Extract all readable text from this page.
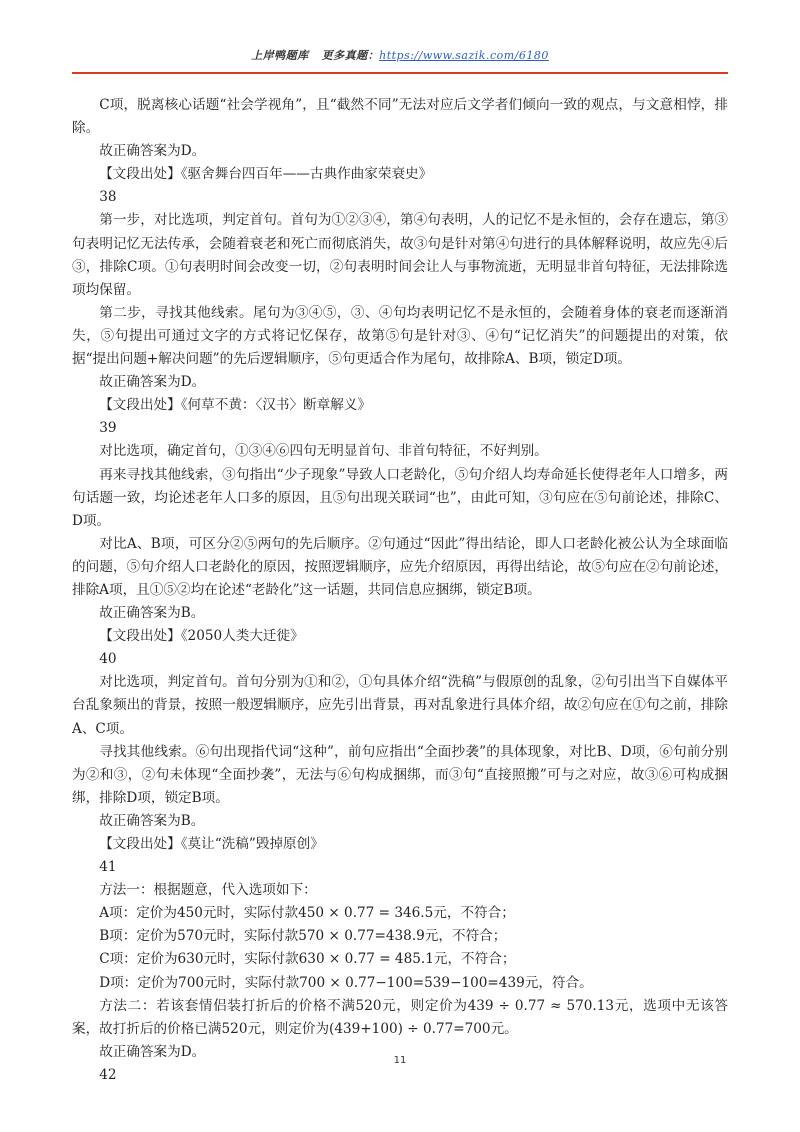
上岸鸭题库 更多真题：https://www.sazik.com/6180

C项，脱离核心话题“社会学视角”，且“截然不同”无法对应后文学者们倾向一致的观点，与文意相悖，排除。

故正确答案为D。

【文段出处】《驱舍舞台四百年——古典作曲家荣衰史》

38

第一步，对比选项，判定首句。首句为①②③④，第④句表明，人的记忆不是永恒的，会存在遗忘，第③句表明记忆无法传承，会随着衰老和死亡而彻底消失，故③句是针对第④句进行的具体解释说明，故应先④后③，排除C项。①句表明时间会改变一切，②句表明时间会让人与事物流逝，无明显非首句特征，无法排除选项均保留。

第二步，寻找其他线索。尾句为③④⑤，③、④句均表明记忆不是永恒的，会随着身体的衰老而逐渐消失，⑤句提出可通过文字的方式将记忆保存，故第⑤句是针对③、④句“记忆消失”的问题提出的对策，依据“提出问题+解决问题”的先后逻辑顺序，⑤句更适合作为尾句，故排除A、B项，锁定D项。

故正确答案为D。

【文段出处】《何草不黄：〈汉书〉断章解义》

39

对比选项，确定首句，①③④⑥四句无明显首句、非首句特征，不好判别。

再来寻找其他线索，③句指出“少子现象”导致人口老龄化，⑤句介绍人均寿命延长使得老年人口增多，两句话题一致，均论述老年人口多的原因，且⑤句出现关联词“也”，由此可知，③句应在⑤句前论述，排除C、D项。

对比A、B项，可区分②⑤两句的先后顺序。②句通过“因此”得出结论，即人口老龄化被公认为全球面临的问题，⑤句介绍人口老龄化的原因，按照逻辑顺序，应先介绍原因，再得出结论，故⑤句应在②句前论述，排除A项，且①⑤②均在论述“老龄化”这一话题，共同信息应捆绑，锁定B项。

故正确答案为B。

【文段出处】《2050人类大迁徙》

40

对比选项，判定首句。首句分别为①和②，①句具体介绍“洗稿”与假原创的乱象，②句引出当下自媒体平台乱象频出的背景，按照一般逻辑顺序，应先引出背景，再对乱象进行具体介绍，故②句应在①句之前，排除A、C项。

寻找其他线索。⑥句出现指代词“这种”，前句应指出“全面抄袭”的具体现象，对比B、D项，⑥句前分别为②和③，②句未体现“全面抄袭”，无法与⑥句构成捆绑，而③句“直接照搬”可与之对应，故③⑥可构成捆绑，排除D项，锁定B项。

故正确答案为B。

【文段出处】《莫让“洗稿”毁掉原创》

41

方法一：根据题意，代入选项如下：

A项：定价为450元时，实际付款450 × 0.77 = 346.5元，不符合；

B项：定价为570元时，实际付款570 × 0.77=438.9元，不符合；

C项：定价为630元时，实际付款630 × 0.77 = 485.1元，不符合；

D项：定价为700元时，实际付款700 × 0.77−100=539−100=439元，符合。

方法二：若该套情侣装打折后的价格不满520元，则定价为439 ÷ 0.77 ≈ 570.13元，选项中无该答案，故打折后的价格已满520元，则定价为(439+100) ÷ 0.77=700元。

故正确答案为D。

42

11
